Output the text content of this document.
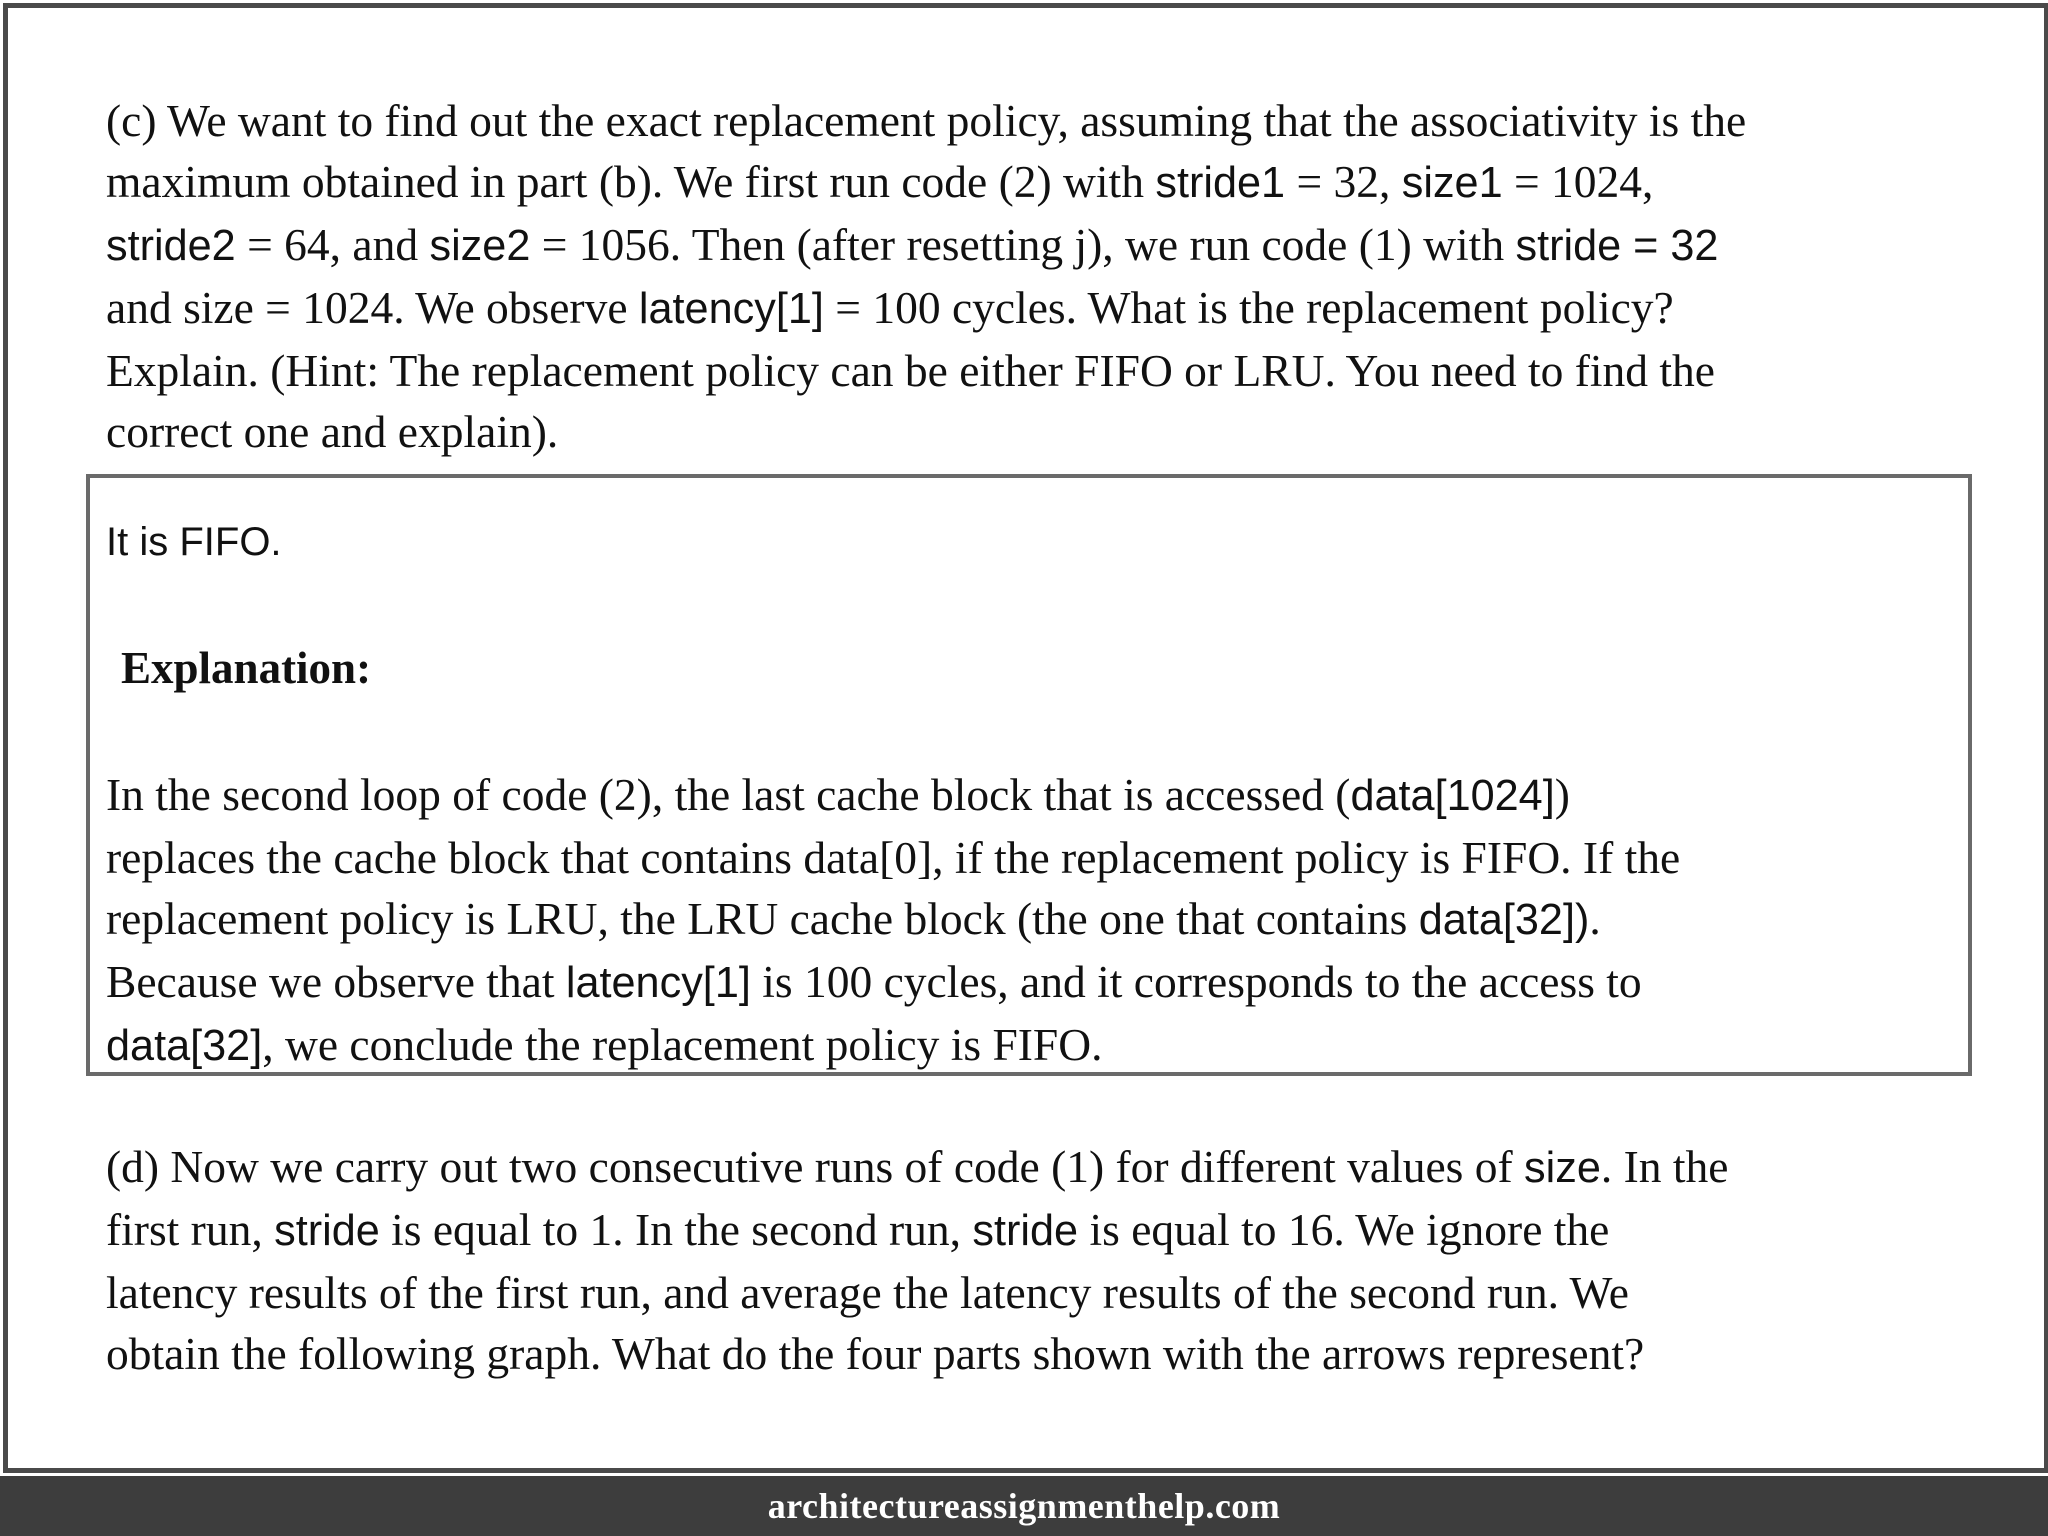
(c) We want to find out the exact replacement policy, assuming that the associativity is the
maximum obtained in part (b). We first run code (2) with stride1 = 32, size1 = 1024,
stride2 = 64, and size2 = 1056. Then (after resetting j), we run code (1) with stride = 32
and size = 1024. We observe latency[1] = 100 cycles. What is the replacement policy?
Explain. (Hint: The replacement policy can be either FIFO or LRU. You need to find the
correct one and explain).

It is FIFO.

Explanation:

In the second loop of code (2), the last cache block that is accessed (data[1024])
replaces the cache block that contains data[0], if the replacement policy is FIFO. If the
replacement policy is LRU, the LRU cache block (the one that contains data[32]).
Because we observe that latency[1] is 100 cycles, and it corresponds to the access to
data[32], we conclude the replacement policy is FIFO.
(d) Now we carry out two consecutive runs of code (1) for different values of size. In the
first run, stride is equal to 1. In the second run, stride is equal to 16. We ignore the
latency results of the first run, and average the latency results of the second run. We
obtain the following graph. What do the four parts shown with the arrows represent?
architectureassignmenthelp.com
